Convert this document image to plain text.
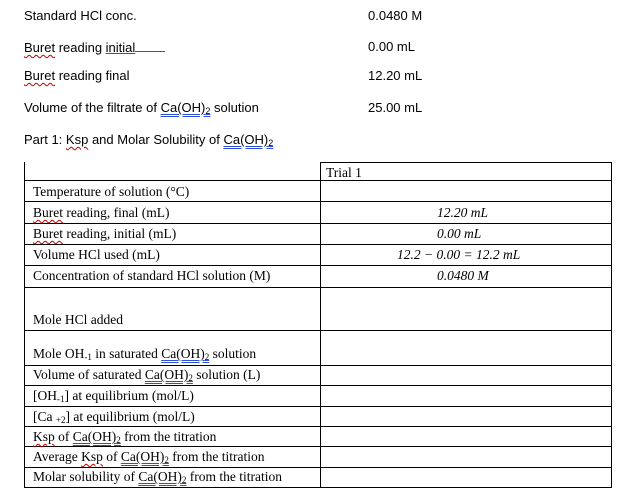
Standard HCl conc.	0.0480 M
Buret reading initial	0.00 mL
Buret reading final	12.20 mL
Volume of the filtrate of $Ca(OH)_2$ solution	25.00 mL
Part 1: Ksp and Molar Solubility of $Ca(OH)_2$
Trial 1
Temperature of solution (°C)
Buret reading, final (mL)	12.20 mL
Buret reading, initial (mL)	0.00 mL
Volume HCl used (mL)	12.2 − 0.00 = 12.2 mL
Concentration of standard HCl solution (M)	0.0480 M
Mole HCl added
Mole $OH_{-1}$ in saturated $Ca(OH)_2$ solution
Volume of saturated $Ca(OH)_2$ solution (L)
$[OH_{-1}]$ at equilibrium (mol/L)
[Ca $_{+2}$] at equilibrium (mol/L)
Ksp of $Ca(OH)_2$ from the titration
Average Ksp of $Ca(OH)_2$ from the titration
Molar solubility of $Ca(OH)_2$ from the titration
